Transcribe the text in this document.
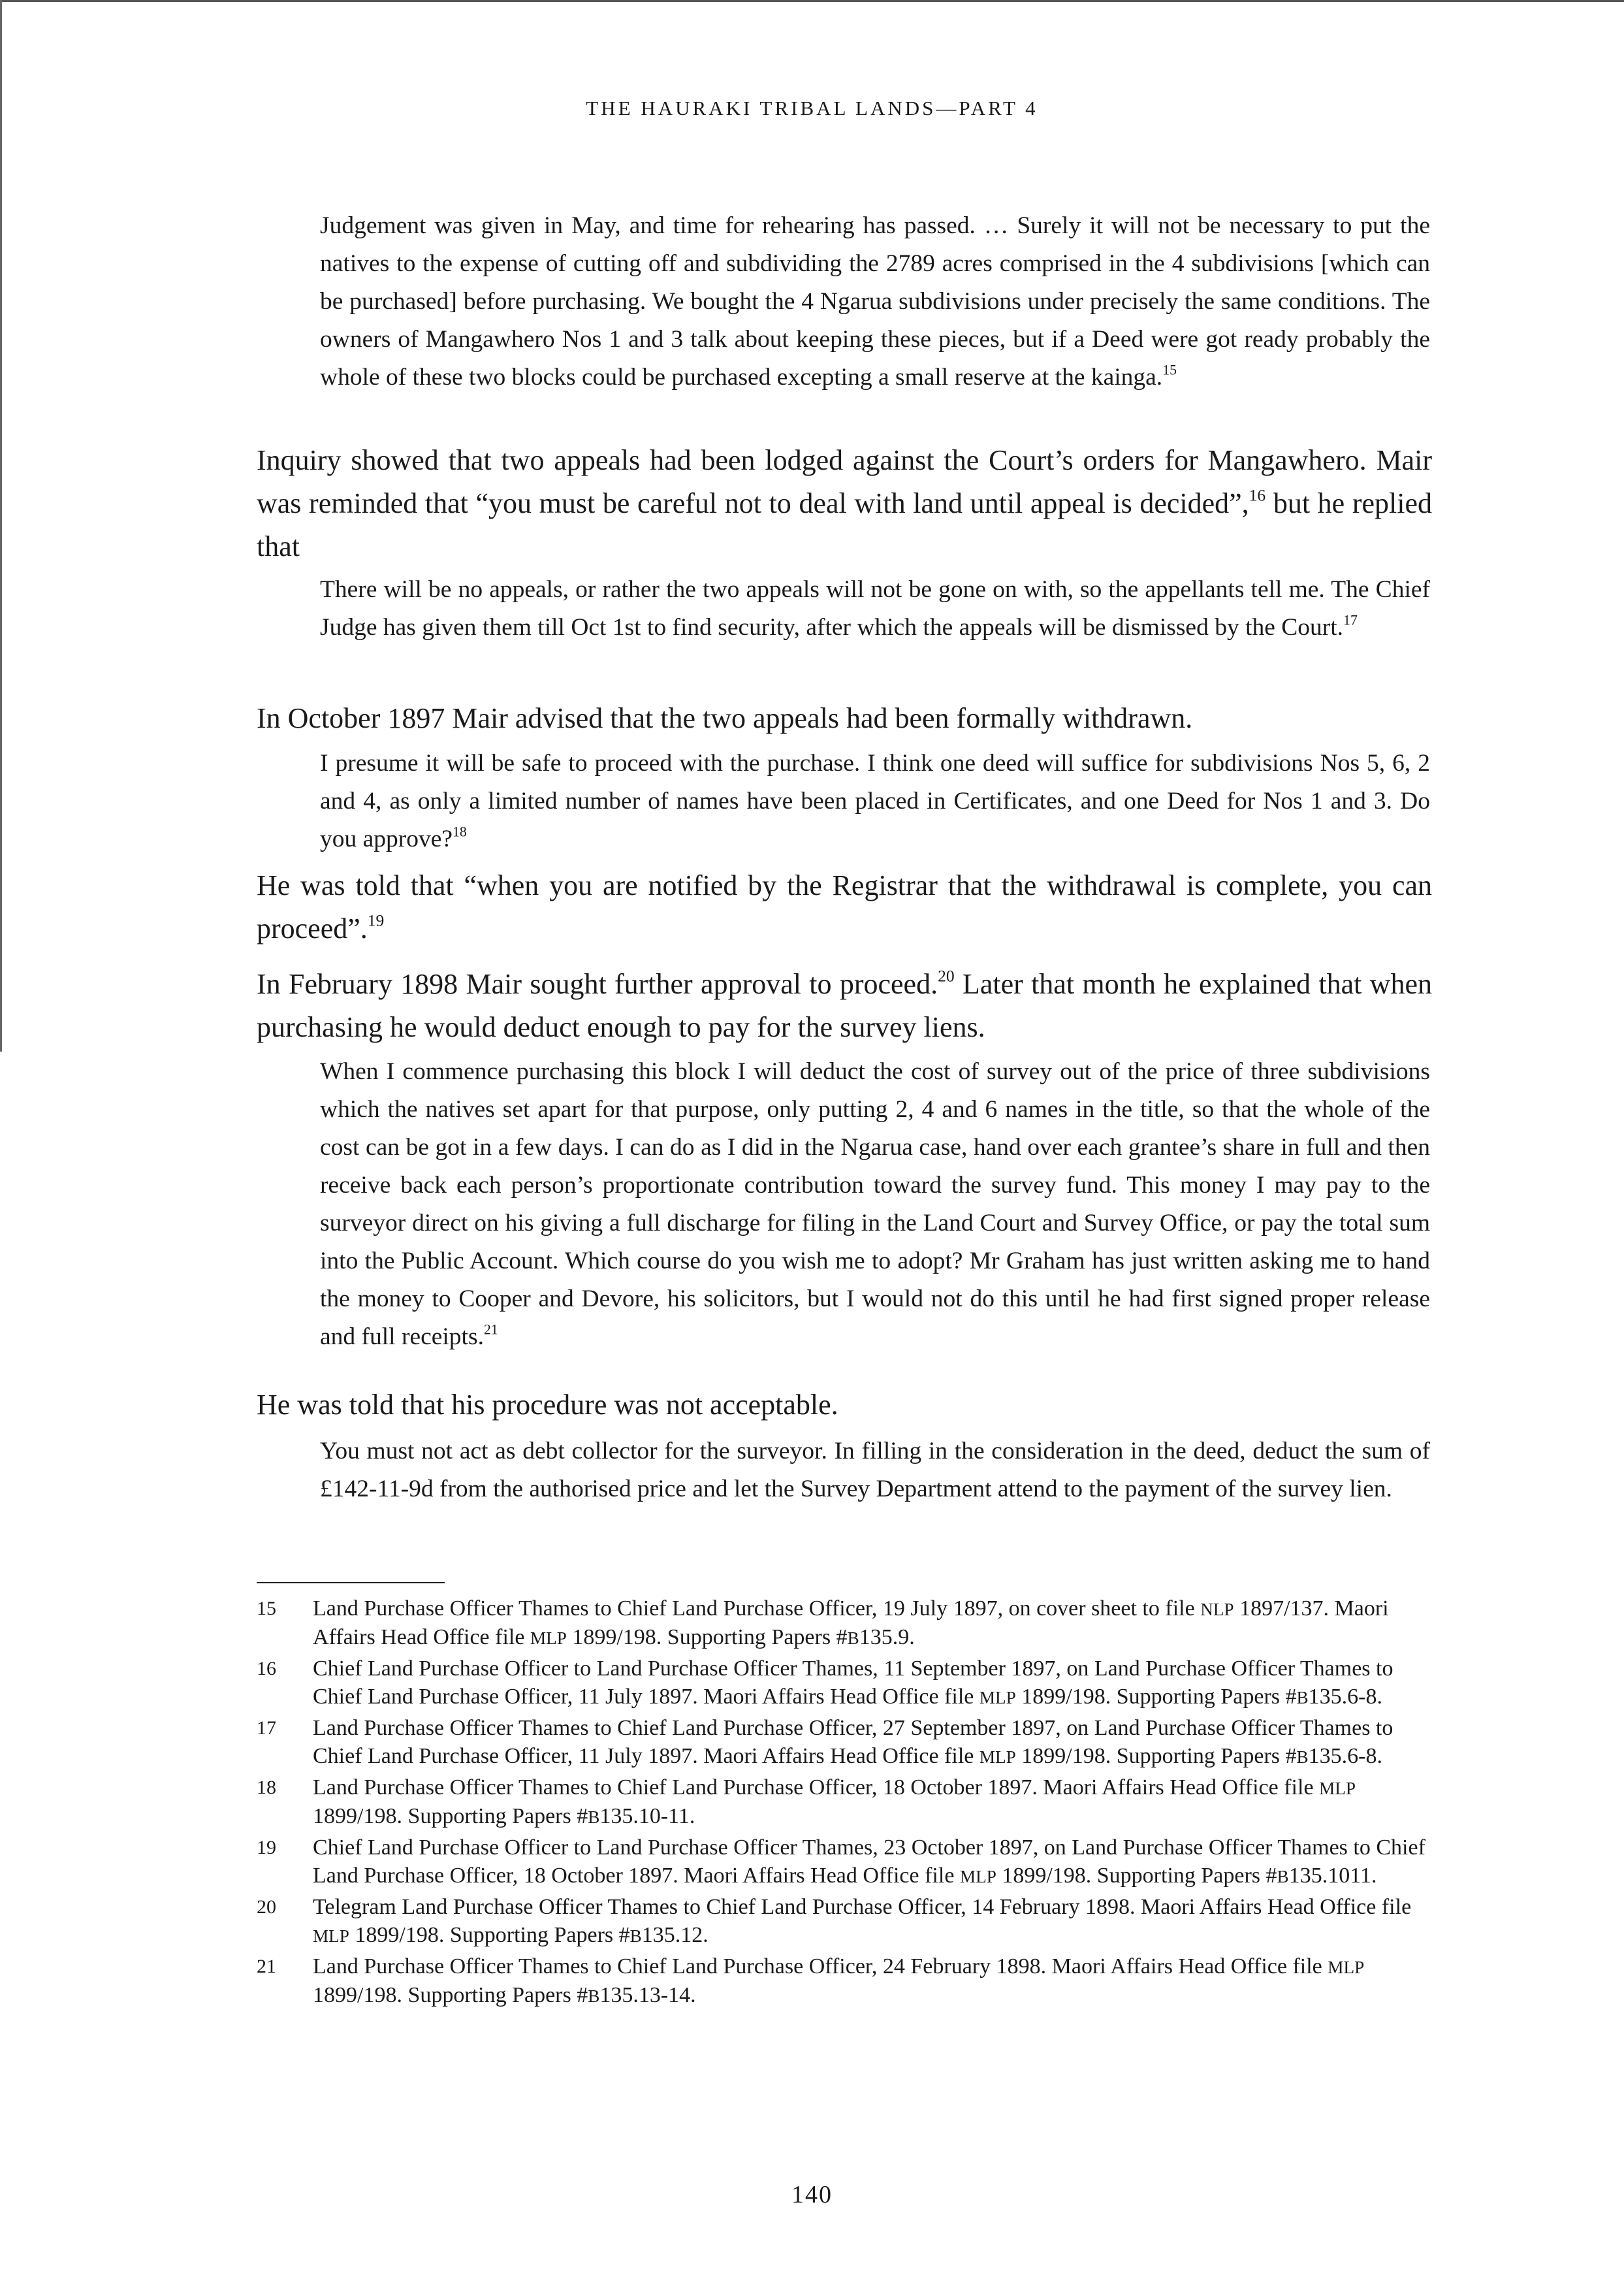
THE HAURAKI TRIBAL LANDS—PART 4

Judgement was given in May, and time for rehearing has passed. … Surely it will not be necessary to put the natives to the expense of cutting off and subdividing the 2789 acres comprised in the 4 subdivisions [which can be purchased] before purchasing. We bought the 4 Ngarua subdivisions under precisely the same conditions. The owners of Mangawhero Nos 1 and 3 talk about keeping these pieces, but if a Deed were got ready probably the whole of these two blocks could be purchased excepting a small reserve at the kainga.$^{15}$

Inquiry showed that two appeals had been lodged against the Court’s orders for Mangawhero. Mair was reminded that “you must be careful not to deal with land until appeal is decided”,$^{16}$ but he replied that

There will be no appeals, or rather the two appeals will not be gone on with, so the appellants tell me. The Chief Judge has given them till Oct 1st to find security, after which the appeals will be dismissed by the Court.$^{17}$

In October 1897 Mair advised that the two appeals had been formally withdrawn.

I presume it will be safe to proceed with the purchase. I think one deed will suffice for subdivisions Nos 5, 6, 2 and 4, as only a limited number of names have been placed in Certificates, and one Deed for Nos 1 and 3. Do you approve?$^{18}$

He was told that “when you are notified by the Registrar that the withdrawal is complete, you can proceed”.$^{19}$

In February 1898 Mair sought further approval to proceed.$^{20}$ Later that month he explained that when purchasing he would deduct enough to pay for the survey liens.

When I commence purchasing this block I will deduct the cost of survey out of the price of three subdivisions which the natives set apart for that purpose, only putting 2, 4 and 6 names in the title, so that the whole of the cost can be got in a few days. I can do as I did in the Ngarua case, hand over each grantee’s share in full and then receive back each person’s proportionate contribution toward the survey fund. This money I may pay to the surveyor direct on his giving a full discharge for filing in the Land Court and Survey Office, or pay the total sum into the Public Account. Which course do you wish me to adopt? Mr Graham has just written asking me to hand the money to Cooper and Devore, his solicitors, but I would not do this until he had first signed proper release and full receipts.$^{21}$

He was told that his procedure was not acceptable.

You must not act as debt collector for the surveyor. In filling in the consideration in the deed, deduct the sum of £142-11-9d from the authorised price and let the Survey Department attend to the payment of the survey lien.

15 Land Purchase Officer Thames to Chief Land Purchase Officer, 19 July 1897, on cover sheet to file NLP 1897/137. Maori Affairs Head Office file MLP 1899/198. Supporting Papers #B135.9.

16 Chief Land Purchase Officer to Land Purchase Officer Thames, 11 September 1897, on Land Purchase Officer Thames to Chief Land Purchase Officer, 11 July 1897. Maori Affairs Head Office file MLP 1899/198. Supporting Papers #B135.6-8.

17 Land Purchase Officer Thames to Chief Land Purchase Officer, 27 September 1897, on Land Purchase Officer Thames to Chief Land Purchase Officer, 11 July 1897. Maori Affairs Head Office file MLP 1899/198. Supporting Papers #B135.6-8.

18 Land Purchase Officer Thames to Chief Land Purchase Officer, 18 October 1897. Maori Affairs Head Office file MLP 1899/198. Supporting Papers #B135.10-11.

19 Chief Land Purchase Officer to Land Purchase Officer Thames, 23 October 1897, on Land Purchase Officer Thames to Chief Land Purchase Officer, 18 October 1897. Maori Affairs Head Office file MLP 1899/198. Supporting Papers #B135.1011.

20 Telegram Land Purchase Officer Thames to Chief Land Purchase Officer, 14 February 1898. Maori Affairs Head Office file MLP 1899/198. Supporting Papers #B135.12.

21 Land Purchase Officer Thames to Chief Land Purchase Officer, 24 February 1898. Maori Affairs Head Office file MLP 1899/198. Supporting Papers #B135.13-14.

140
